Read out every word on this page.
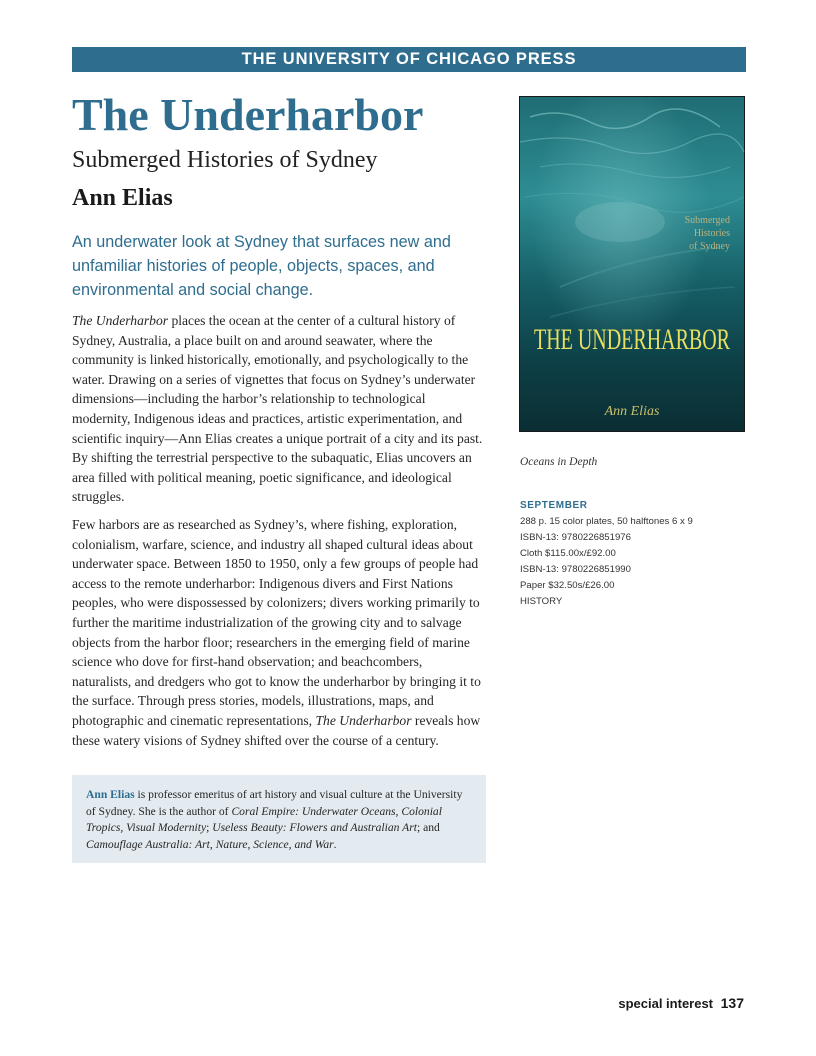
THE UNIVERSITY OF CHICAGO PRESS
The Underharbor
Submerged Histories of Sydney
Ann Elias

An underwater look at Sydney that surfaces new and unfamiliar histories of people, objects, spaces, and environmental and social change.

The Underharbor places the ocean at the center of a cultural history of Sydney, Australia, a place built on and around seawater, where the community is linked historically, emotionally, and psychologically to the water. Drawing on a series of vignettes that focus on Sydney’s underwater dimensions—including the harbor’s relationship to technological modernity, Indigenous ideas and practices, artistic experimentation, and scientific inquiry—Ann Elias creates a unique portrait of a city and its past. By shifting the terrestrial perspective to the subaquatic, Elias uncovers an area filled with political meaning, poetic significance, and ideological struggles.

Few harbors are as researched as Sydney’s, where fishing, exploration, colonialism, warfare, science, and industry all shaped cultural ideas about underwater space. Between 1850 to 1950, only a few groups of people had access to the remote underharbor: Indigenous divers and First Nations peoples, who were dispossessed by colonizers; divers working primarily to further the maritime industrialization of the growing city and to salvage objects from the harbor floor; researchers in the emerging field of marine science who dove for first-hand observation; and beachcombers, naturalists, and dredgers who got to know the underharbor by bringing it to the surface. Through press stories, models, illustrations, maps, and photographic and cinematic representations, The Underharbor reveals how these watery visions of Sydney shifted over the course of a century.

Ann Elias is professor emeritus of art history and visual culture at the University of Sydney. She is the author of Coral Empire: Underwater Oceans, Colonial Tropics, Visual Modernity; Useless Beauty: Flowers and Australian Art; and Camouflage Australia: Art, Nature, Science, and War.
Submerged
Histories
of Sydney
THE UNDERHARBOR
Ann Elias

Oceans in Depth

SEPTEMBER
288 p. 15 color plates, 50 halftones 6 x 9
ISBN-13: 9780226851976
Cloth $115.00x/£92.00
ISBN-13: 9780226851990
Paper $32.50s/£26.00
HISTORY
special interest 137
